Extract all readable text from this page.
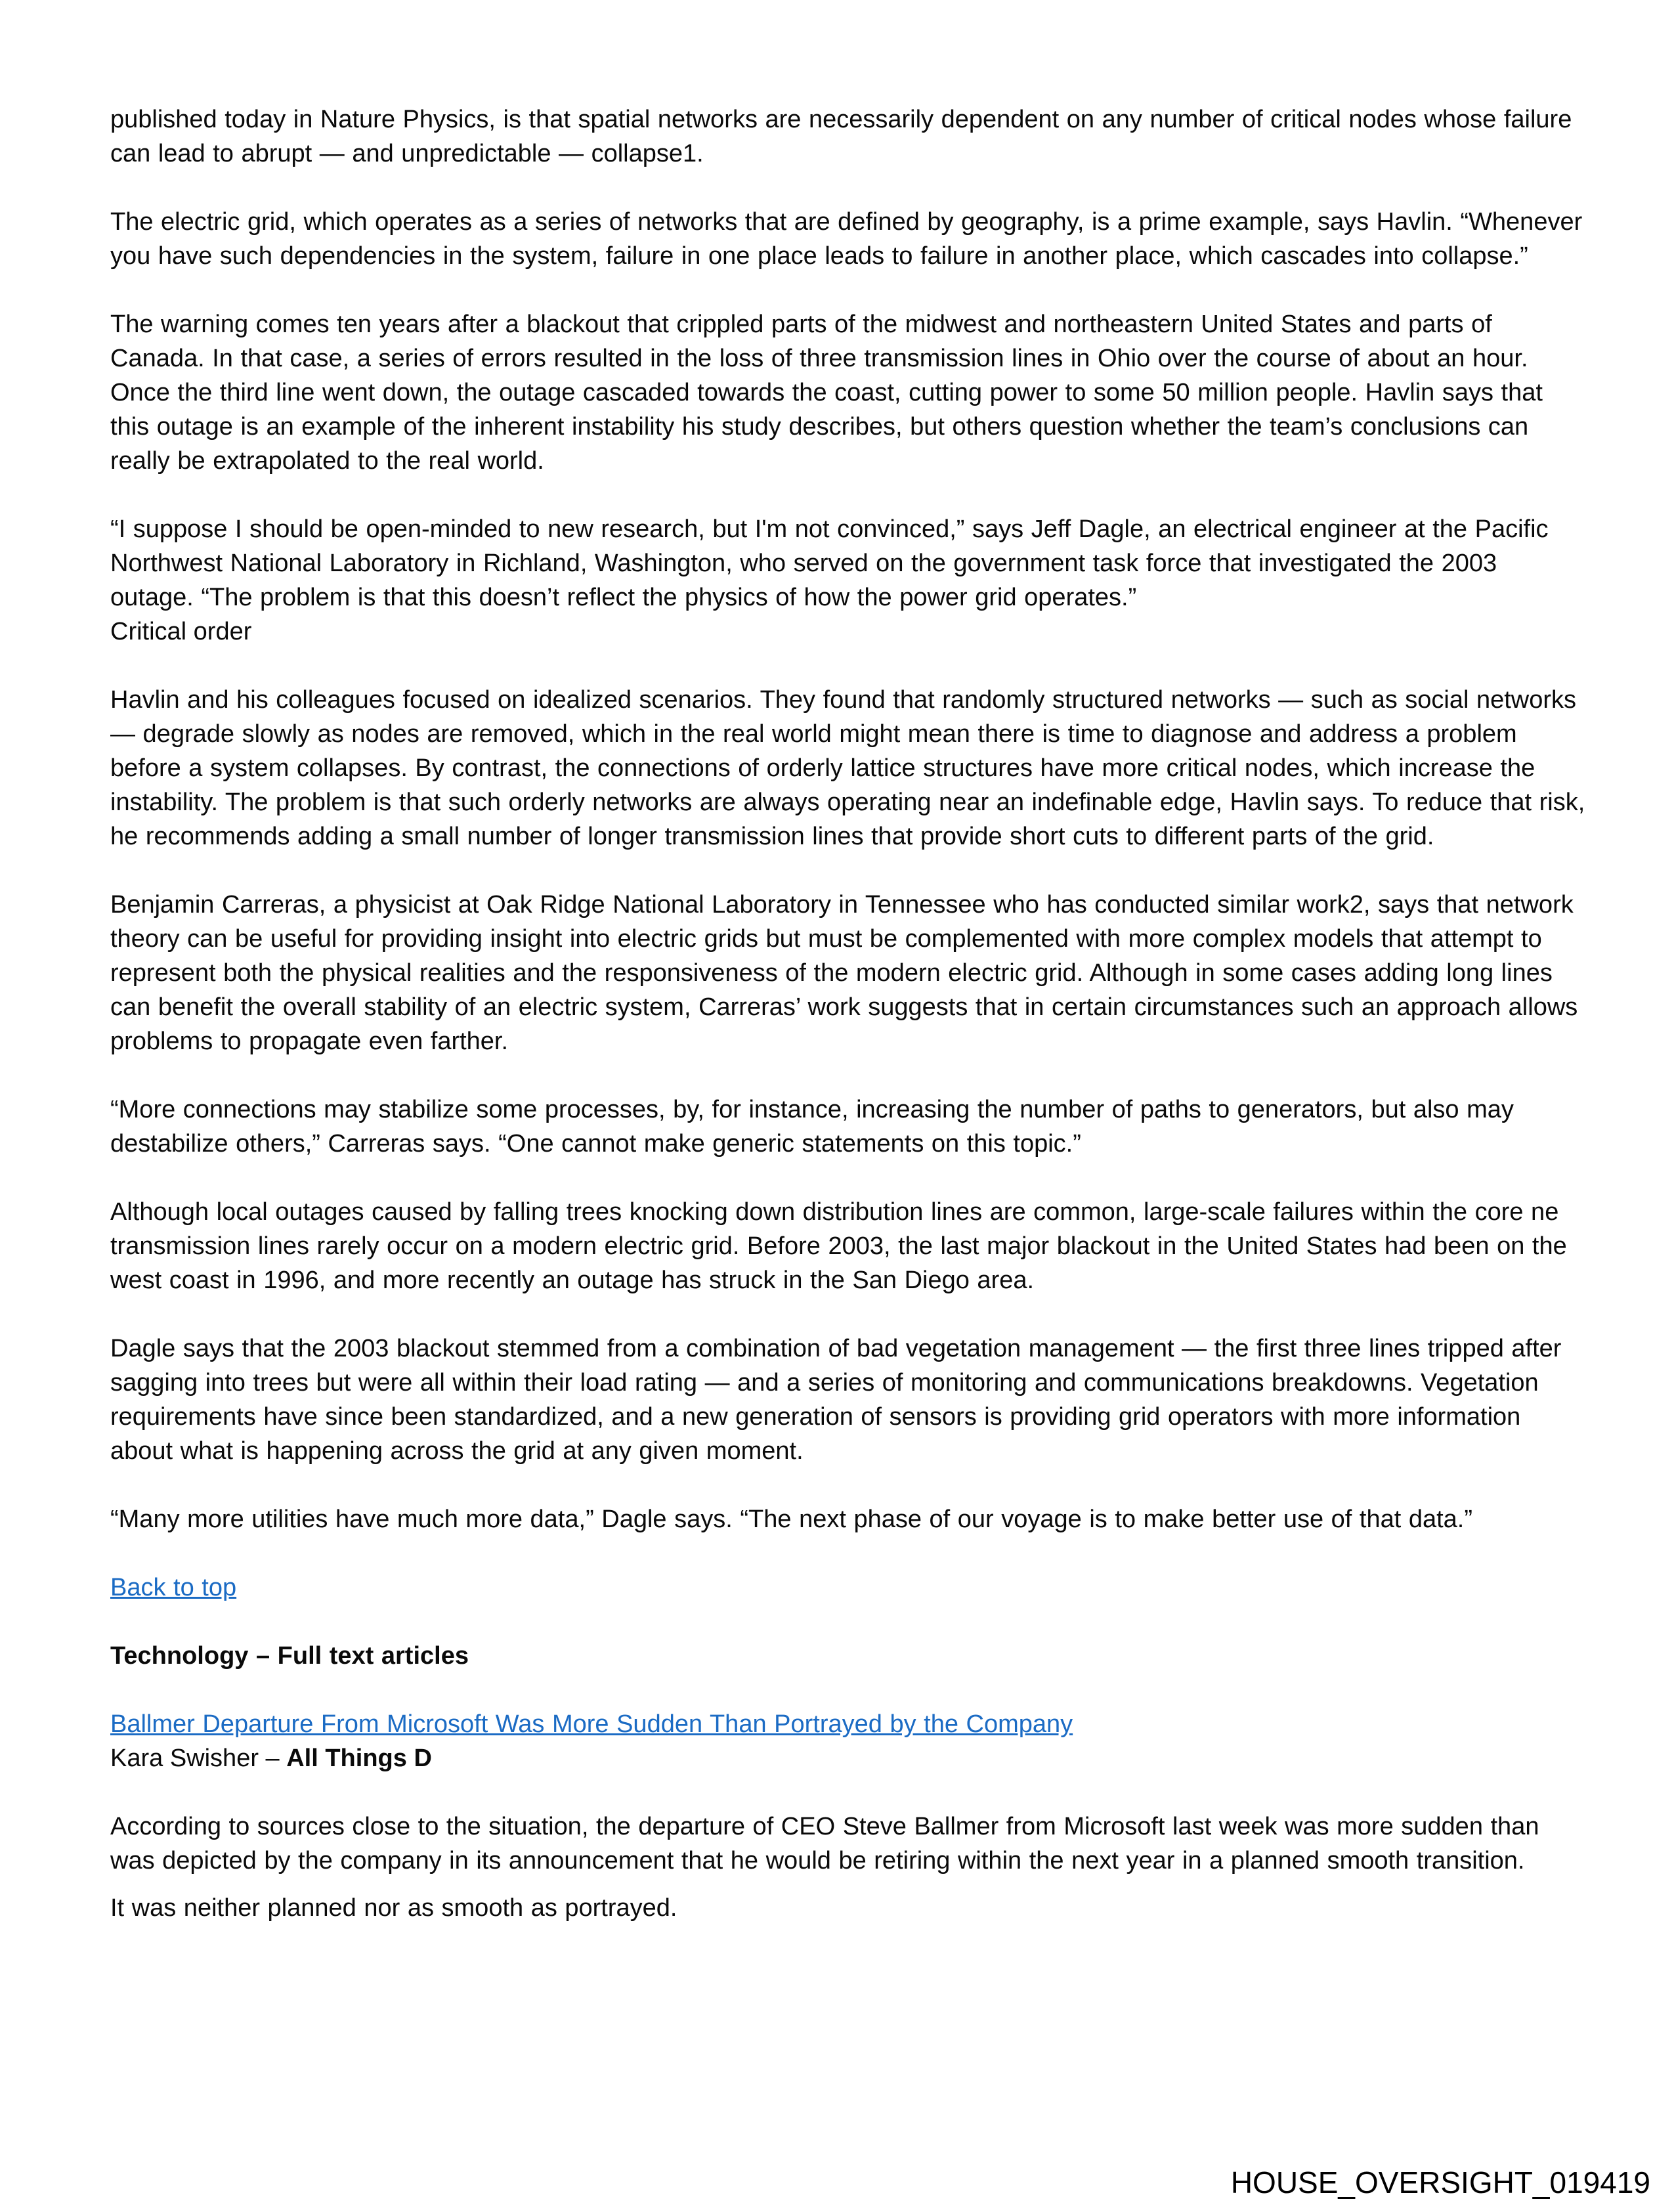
published today in Nature Physics, is that spatial networks are necessarily dependent on any number of critical nodes whose failure can lead to abrupt — and unpredictable — collapse1.

The electric grid, which operates as a series of networks that are defined by geography, is a prime example, says Havlin. “Whenever you have such dependencies in the system, failure in one place leads to failure in another place, which cascades into collapse.”

The warning comes ten years after a blackout that crippled parts of the midwest and northeastern United States and parts of Canada. In that case, a series of errors resulted in the loss of three transmission lines in Ohio over the course of about an hour. Once the third line went down, the outage cascaded towards the coast, cutting power to some 50 million people. Havlin says that this outage is an example of the inherent instability his study describes, but others question whether the team’s conclusions can really be extrapolated to the real world.

“I suppose I should be open-minded to new research, but I'm not convinced,” says Jeff Dagle, an electrical engineer at the Pacific Northwest National Laboratory in Richland, Washington, who served on the government task force that investigated the 2003 outage. “The problem is that this doesn’t reflect the physics of how the power grid operates.”

Critical order

Havlin and his colleagues focused on idealized scenarios. They found that randomly structured networks — such as social networks — degrade slowly as nodes are removed, which in the real world might mean there is time to diagnose and address a problem before a system collapses. By contrast, the connections of orderly lattice structures have more critical nodes, which increase the instability. The problem is that such orderly networks are always operating near an indefinable edge, Havlin says. To reduce that risk, he recommends adding a small number of longer transmission lines that provide short cuts to different parts of the grid.

Benjamin Carreras, a physicist at Oak Ridge National Laboratory in Tennessee who has conducted similar work2, says that network theory can be useful for providing insight into electric grids but must be complemented with more complex models that attempt to represent both the physical realities and the responsiveness of the modern electric grid. Although in some cases adding long lines can benefit the overall stability of an electric system, Carreras’ work suggests that in certain circumstances such an approach allows problems to propagate even farther.

“More connections may stabilize some processes, by, for instance, increasing the number of paths to generators, but also may destabilize others,” Carreras says. “One cannot make generic statements on this topic.”

Although local outages caused by falling trees knocking down distribution lines are common, large-scale failures within the core ne transmission lines rarely occur on a modern electric grid. Before 2003, the last major blackout in the United States had been on the west coast in 1996, and more recently an outage has struck in the San Diego area.

Dagle says that the 2003 blackout stemmed from a combination of bad vegetation management — the first three lines tripped after sagging into trees but were all within their load rating — and a series of monitoring and communications breakdowns. Vegetation requirements have since been standardized, and a new generation of sensors is providing grid operators with more information about what is happening across the grid at any given moment.

“Many more utilities have much more data,” Dagle says. “The next phase of our voyage is to make better use of that data.”

Back to top

Technology – Full text articles

Ballmer Departure From Microsoft Was More Sudden Than Portrayed by the Company

Kara Swisher – All Things D

According to sources close to the situation, the departure of CEO Steve Ballmer from Microsoft last week was more sudden than was depicted by the company in its announcement that he would be retiring within the next year in a planned smooth transition.

It was neither planned nor as smooth as portrayed.

HOUSE_OVERSIGHT_019419
